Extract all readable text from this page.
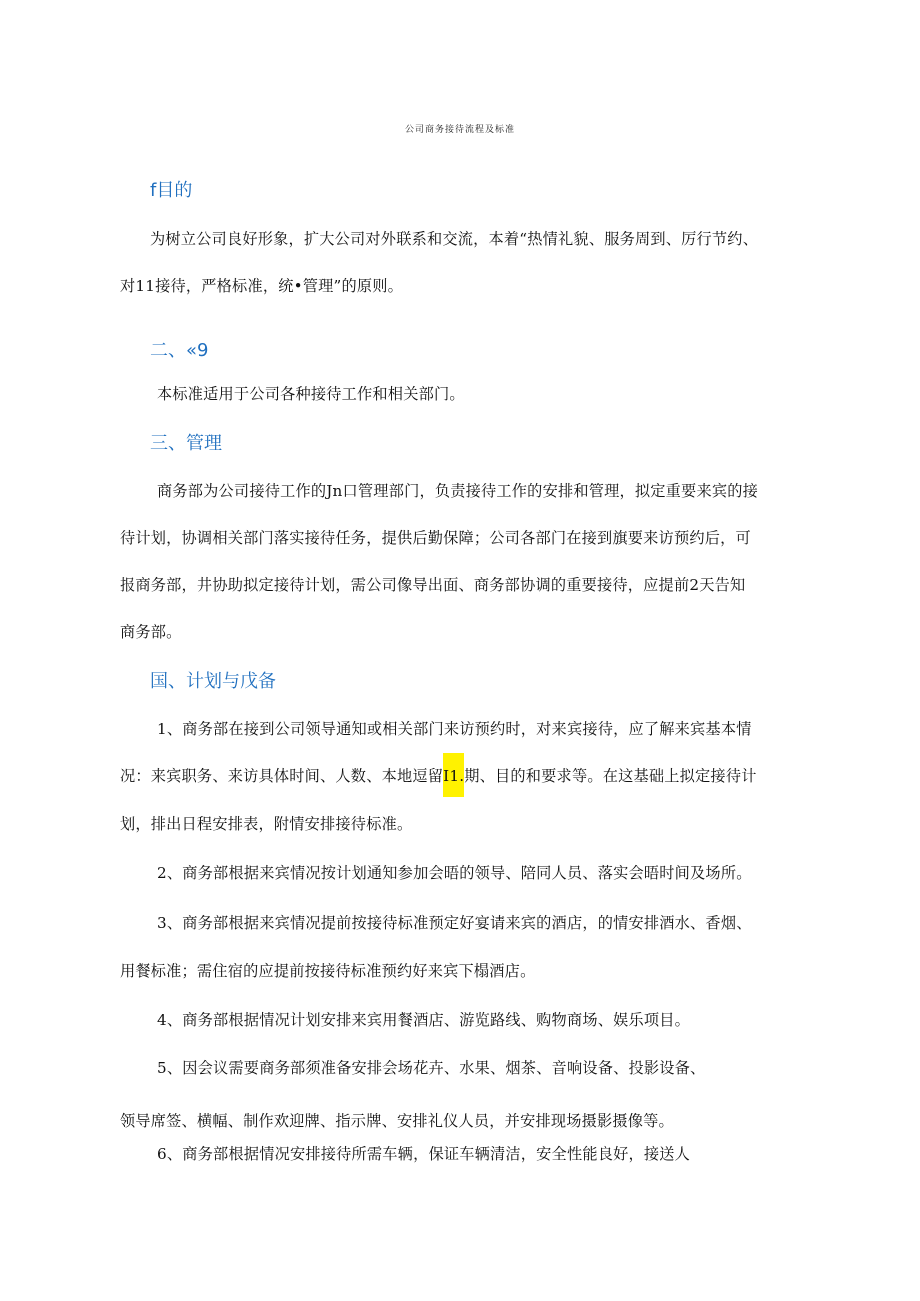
公司商务接待流程及标准
f目的
为树立公司良好形象，扩大公司对外联系和交流，本着“热情礼貌、服务周到、厉行节约、
对11接待，严格标准，统•管理”的原则。
二、«9
本标准适用于公司各种接待工作和相关部门。
三、管理
商务部为公司接待工作的Jn口管理部门，负责接待工作的安排和管理，拟定重要来宾的接
待计划，协调相关部门落实接待任务，提供后勤保障；公司各部门在接到旗要来访预约后，可
报商务部，井协助拟定接待计划，需公司像导出面、商务部协调的重要接待，应提前2天告知
商务部。
国、计划与戊备
1、商务部在接到公司领导通知或相关部门来访预约时，对来宾接待，应了解来宾基本情
况：来宾职务、来访具体时间、人数、本地逗留I1.期、目的和要求等。在这基础上拟定接待计
划，排出日程安排表，附情安排接待标准。
2、商务部根据来宾情况按计划通知参加会晤的领导、陪同人员、落实会晤时间及场所。
3、商务部根据来宾情况提前按接待标准预定好宴请来宾的酒店，的情安排酒水、香烟、
用餐标准；需住宿的应提前按接待标准预约好来宾下榻酒店。
4、商务部根据情况计划安排来宾用餐酒店、游览路线、购物商场、娱乐项目。
5、因会议需要商务部须准备安排会场花卉、水果、烟茶、音响设备、投影设备、
领导席签、横幅、制作欢迎牌、指示牌、安排礼仪人员，并安排现场摄影摄像等。
6、商务部根据情况安排接待所需车辆，保证车辆清洁，安全性能良好，接送人
